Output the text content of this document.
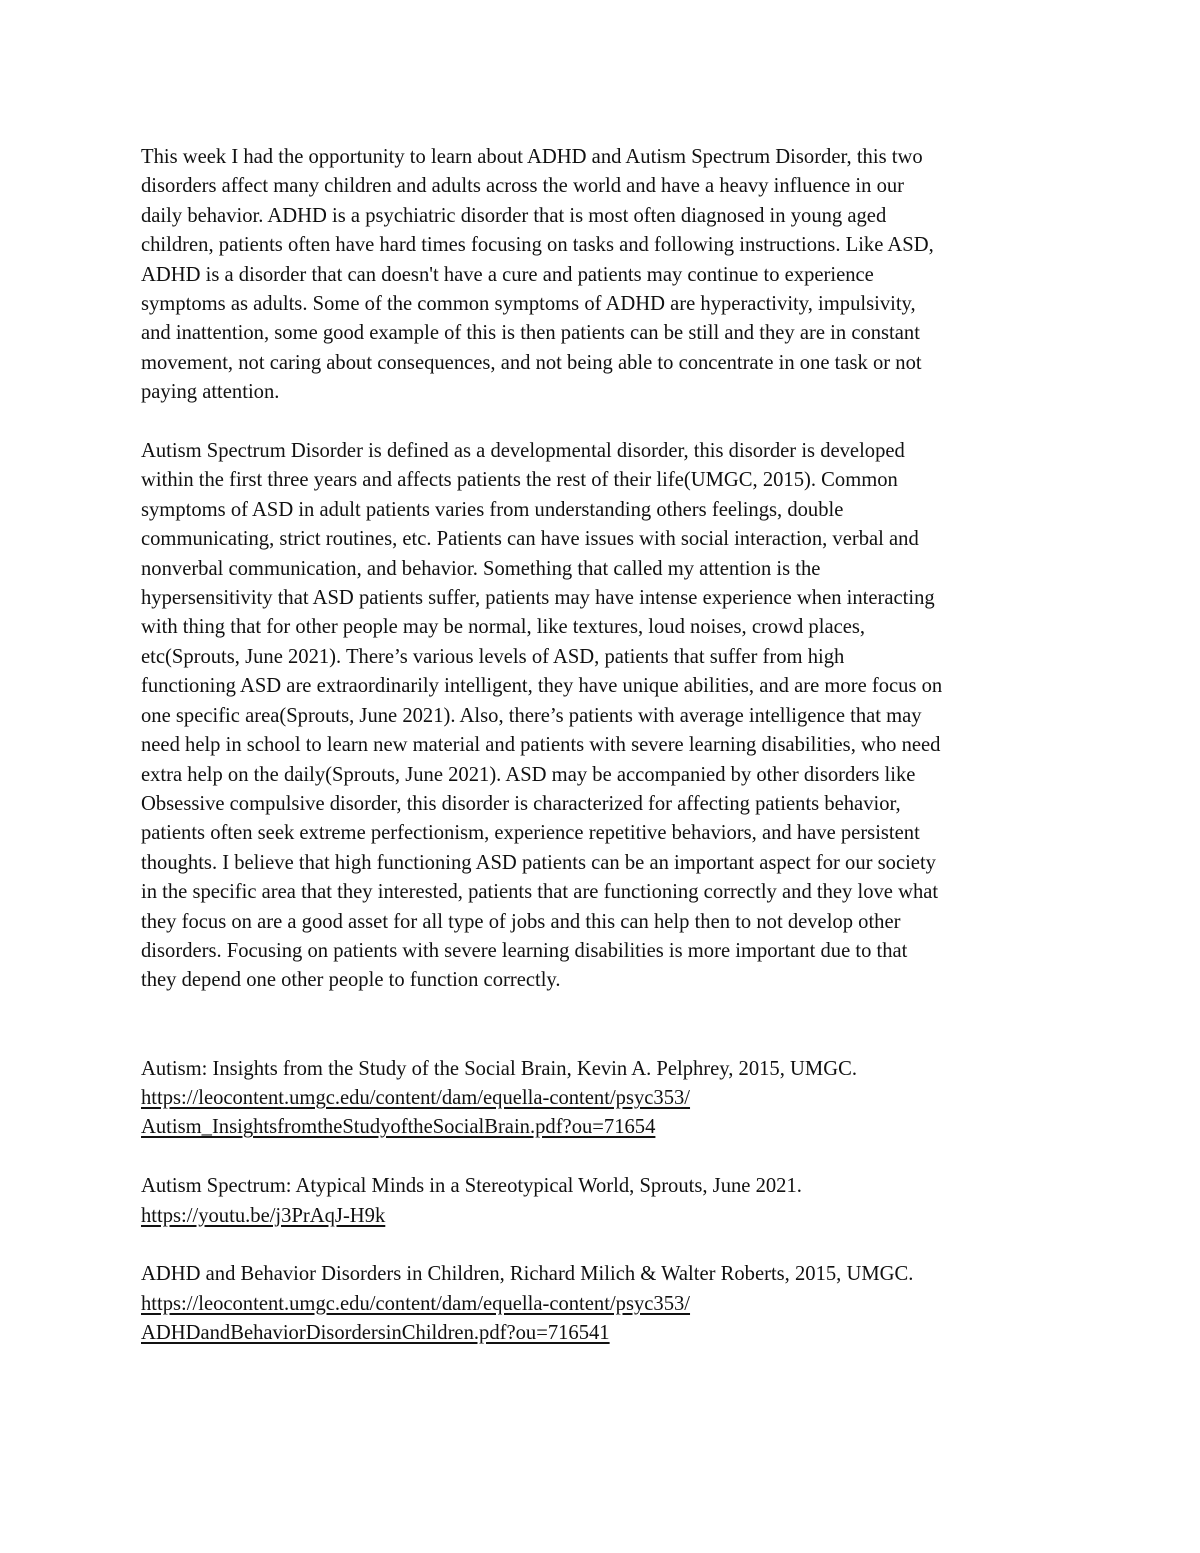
This week I had the opportunity to learn about ADHD and Autism Spectrum Disorder, this two
disorders affect many children and adults across the world and have a heavy influence in our
daily behavior. ADHD is a psychiatric disorder that is most often diagnosed in young aged
children, patients often have hard times focusing on tasks and following instructions. Like ASD,
ADHD is a disorder that can doesn't have a cure and patients may continue to experience
symptoms as adults. Some of the common symptoms of ADHD are hyperactivity, impulsivity,
and inattention, some good example of this is then patients can be still and they are in constant
movement, not caring about consequences, and not being able to concentrate in one task or not
paying attention.

Autism Spectrum Disorder is defined as a developmental disorder, this disorder is developed
within the first three years and affects patients the rest of their life(UMGC, 2015). Common
symptoms of ASD in adult patients varies from understanding others feelings, double
communicating, strict routines, etc. Patients can have issues with social interaction, verbal and
nonverbal communication, and behavior. Something that called my attention is the
hypersensitivity that ASD patients suffer, patients may have intense experience when interacting
with thing that for other people may be normal, like textures, loud noises, crowd places,
etc(Sprouts, June 2021). There’s various levels of ASD, patients that suffer from high
functioning ASD are extraordinarily intelligent, they have unique abilities, and are more focus on
one specific area(Sprouts, June 2021). Also, there’s patients with average intelligence that may
need help in school to learn new material and patients with severe learning disabilities, who need
extra help on the daily(Sprouts, June 2021). ASD may be accompanied by other disorders like
Obsessive compulsive disorder, this disorder is characterized for affecting patients behavior,
patients often seek extreme perfectionism, experience repetitive behaviors, and have persistent
thoughts. I believe that high functioning ASD patients can be an important aspect for our society
in the specific area that they interested, patients that are functioning correctly and they love what
they focus on are a good asset for all type of jobs and this can help then to not develop other
disorders. Focusing on patients with severe learning disabilities is more important due to that
they depend one other people to function correctly.

Autism: Insights from the Study of the Social Brain, Kevin A. Pelphrey, 2015, UMGC.
https://leocontent.umgc.edu/content/dam/equella-content/psyc353/
Autism_InsightsfromtheStudyoftheSocialBrain.pdf?ou=71654
Autism Spectrum: Atypical Minds in a Stereotypical World, Sprouts, June 2021.
https://youtu.be/j3PrAqJ-H9k
ADHD and Behavior Disorders in Children, Richard Milich & Walter Roberts, 2015, UMGC.
https://leocontent.umgc.edu/content/dam/equella-content/psyc353/
ADHDandBehaviorDisordersinChildren.pdf?ou=716541
